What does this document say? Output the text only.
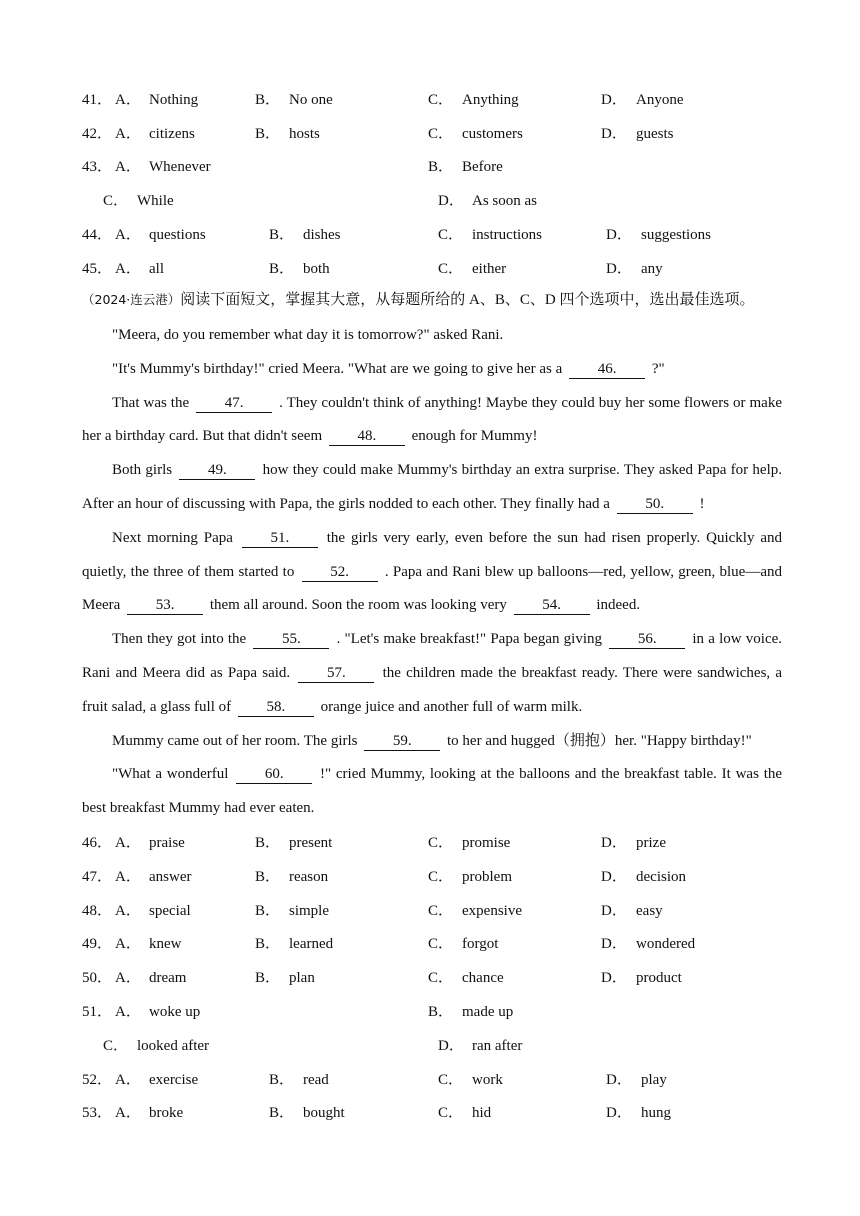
41． A． Nothing	B． No one	C． Anything	D． Anyone
42． A． citizens	B． hosts	C． customers	D． guests
43． A． Whenever	B． Before
C． While	D． As soon as
44． A． questions	B． dishes	C． instructions	D． suggestions
45． A． all	B． both	C． either	D． any
（2024·连云港）阅读下面短文，掌握其大意，从每题所给的 A、B、C、D 四个选项中，选出最佳选项。
"Meera, do you remember what day it is tomorrow?" asked Rani.
"It's Mummy's birthday!" cried Meera. "What are we going to give her as a 46. ?"
That was the 47. . They couldn't think of anything! Maybe they could buy her some flowers or make her a birthday card. But that didn't seem 48. enough for Mummy!
Both girls 49. how they could make Mummy's birthday an extra surprise. They asked Papa for help. After an hour of discussing with Papa, the girls nodded to each other. They finally had a 50. !
Next morning Papa	51.	the girls very early, even before the sun had risen properly. Quickly and quietly, the three of them started to 52. . Papa and Rani blew up balloons—red, yellow, green, blue—and Meera 53. them all around. Soon the room was looking very 54. indeed.
Then they got into the 55. . "Let's make breakfast!" Papa began giving 56. in a low voice. Rani and Meera did as Papa said. 57. the children made the breakfast ready. There were sandwiches, a fruit salad, a glass full of 58. orange juice and another full of warm milk.
Mummy came out of her room. The girls 59. to her and hugged（拥抱）her. "Happy birthday!"
"What a wonderful 60. !" cried Mummy, looking at the balloons and the breakfast table. It was the best breakfast Mummy had ever eaten.
46． A． praise	B． present	C． promise	D． prize
47． A． answer	B． reason	C． problem	D． decision
48． A． special	B． simple	C． expensive	D． easy
49． A． knew	B． learned	C． forgot	D． wondered
50． A． dream	B． plan	C． chance	D． product
51． A． woke up	B． made up
C． looked after	D． ran after
52． A． exercise	B． read	C． work	D． play
53． A． broke	B． bought	C． hid	D． hung
